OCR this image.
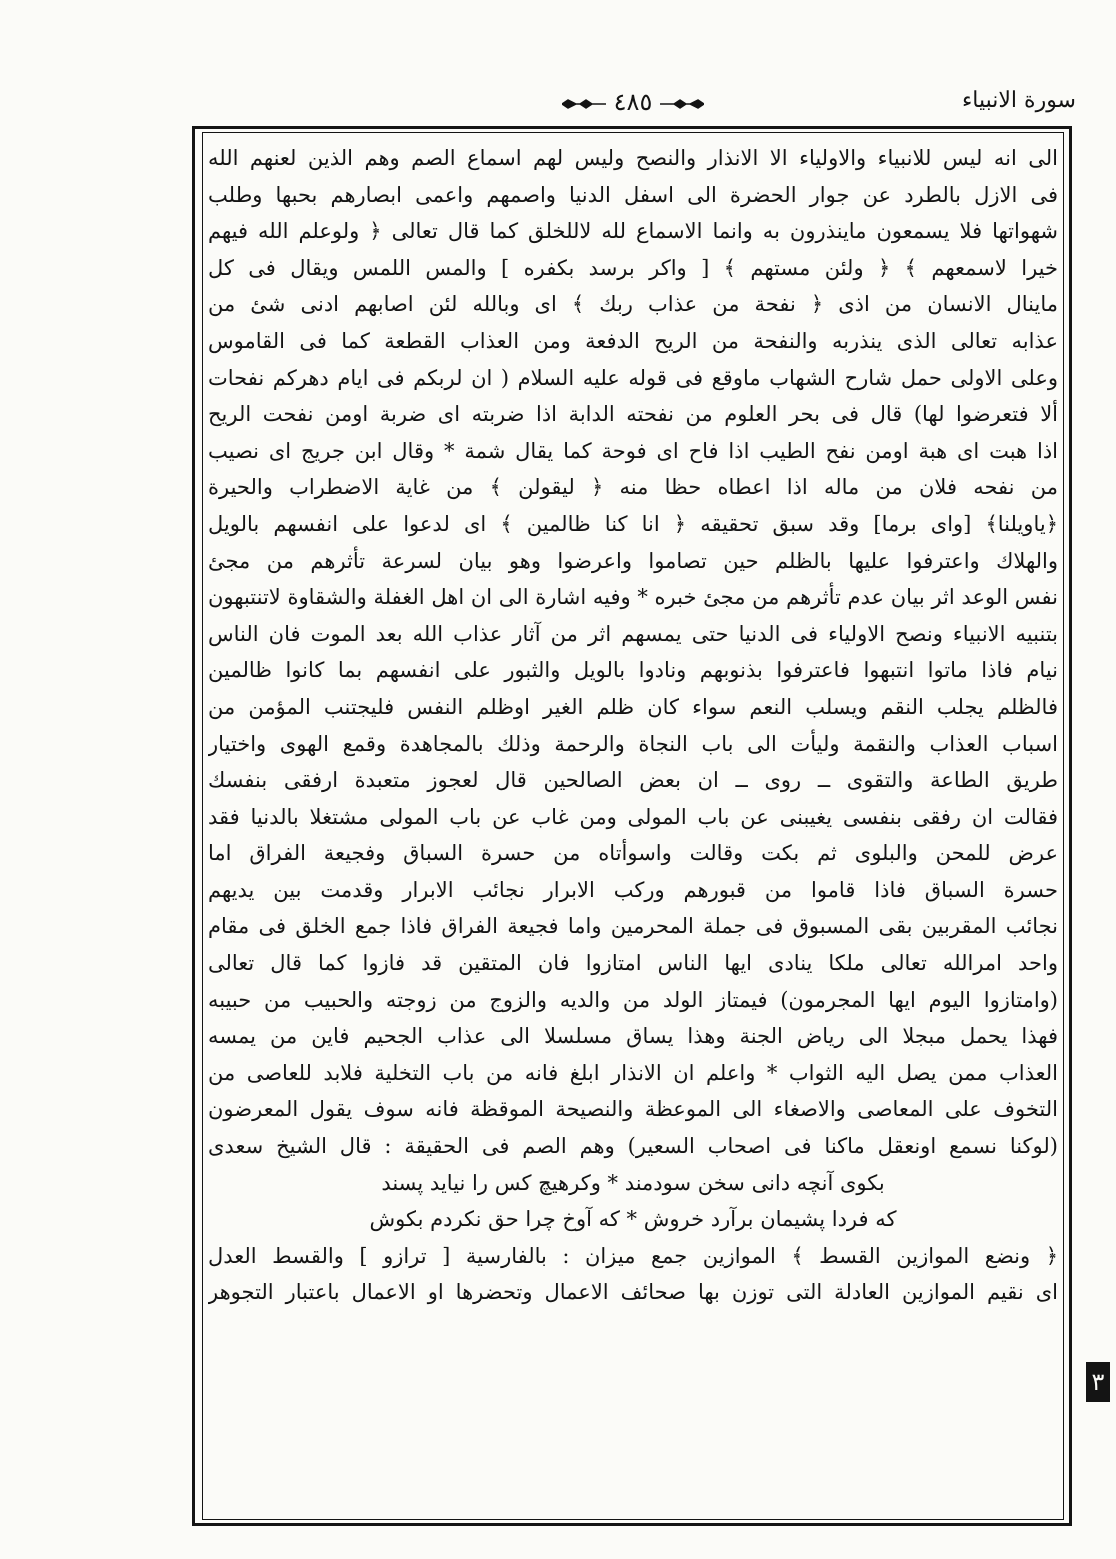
سورة الانبياء
٤٨٥
الى انه ليس للانبياء والاولياء الا الانذار والنصح وليس لهم اسماع الصم وهم الذين لعنهم الله
فى الازل بالطرد عن جوار الحضرة الى اسفل الدنيا واصمهم واعمى ابصارهم بحبها وطلب
شهواتها فلا يسمعون ماينذرون به وانما الاسماع لله لاللخلق كما قال تعالى ﴿ ولوعلم الله فيهم
خيرا لاسمعهم ﴾ ﴿ ولئن مستهم ﴾ [ واكر برسد بكفره ] والمس اللمس ويقال فى كل
ماينال الانسان من اذى ﴿ نفحة من عذاب ربك ﴾ اى وبالله لئن اصابهم ادنى شئ من
عذابه تعالى الذى ينذربه والنفحة من الريح الدفعة ومن العذاب القطعة كما فى القاموس
وعلى الاولى حمل شارح الشهاب ماوقع فى قوله عليه السلام ( ان لربكم فى ايام دهركم نفحات
ألا فتعرضوا لها) قال فى بحر العلوم من نفحته الدابة اذا ضربته اى ضربة اومن نفحت الريح
اذا هبت اى هبة اومن نفح الطيب اذا فاح اى فوحة كما يقال شمة * وقال ابن جريج اى نصيب
من نفحه فلان من ماله اذا اعطاه حظا منه ﴿ ليقولن ﴾ من غاية الاضطراب والحيرة
﴿ياويلنا﴾ [واى برما] وقد سبق تحقيقه ﴿ انا كنا ظالمين ﴾ اى لدعوا على انفسهم بالويل
والهلاك واعترفوا عليها بالظلم حين تصاموا واعرضوا وهو بيان لسرعة تأثرهم من مجئ
نفس الوعد اثر بيان عدم تأثرهم من مجئ خبره * وفيه اشارة الى ان اهل الغفلة والشقاوة لاتنتبهون
بتنبيه الانبياء ونصح الاولياء فى الدنيا حتى يمسهم اثر من آثار عذاب الله بعد الموت فان الناس
نيام فاذا ماتوا انتبهوا فاعترفوا بذنوبهم ونادوا بالويل والثبور على انفسهم بما كانوا ظالمين
فالظلم يجلب النقم ويسلب النعم سواء كان ظلم الغير اوظلم النفس فليجتنب المؤمن من
اسباب العذاب والنقمة وليأت الى باب النجاة والرحمة وذلك بالمجاهدة وقمع الهوى واختيار
طريق الطاعة والتقوى ــ روى ــ ان بعض الصالحين قال لعجوز متعبدة ارفقى بنفسك
فقالت ان رفقى بنفسى يغيبنى عن باب المولى ومن غاب عن باب المولى مشتغلا بالدنيا فقد
عرض للمحن والبلوى ثم بكت وقالت واسوأتاه من حسرة السباق وفجيعة الفراق اما
حسرة السباق فاذا قاموا من قبورهم وركب الابرار نجائب الابرار وقدمت بين يديهم
نجائب المقربين بقى المسبوق فى جملة المحرمين واما فجيعة الفراق فاذا جمع الخلق فى مقام
واحد امرالله تعالى ملكا ينادى ايها الناس امتازوا فان المتقين قد فازوا كما قال تعالى
(وامتازوا اليوم ايها المجرمون) فيمتاز الولد من والديه والزوج من زوجته والحبيب من حبيبه
فهذا يحمل مبجلا الى رياض الجنة وهذا يساق مسلسلا الى عذاب الجحيم فاين من يمسه
العذاب ممن يصل اليه الثواب * واعلم ان الانذار ابلغ فانه من باب التخلية فلابد للعاصى من
التخوف على المعاصى والاصغاء الى الموعظة والنصيحة الموقظة فانه سوف يقول المعرضون
(لوكنا نسمع اونعقل ماكنا فى اصحاب السعير) وهم الصم فى الحقيقة : قال الشيخ سعدى
بكوى آنچه دانى سخن سودمند * وكرهيچ كس را نيايد پسند
كه فردا پشيمان برآرد خروش * كه آوخ چرا حق نكردم بكوش
﴿ ونضع الموازين القسط ﴾ الموازين جمع ميزان : بالفارسية [ ترازو ] والقسط العدل
اى نقيم الموازين العادلة التى توزن بها صحائف الاعمال وتحضرها او الاعمال باعتبار التجوهر
٣
